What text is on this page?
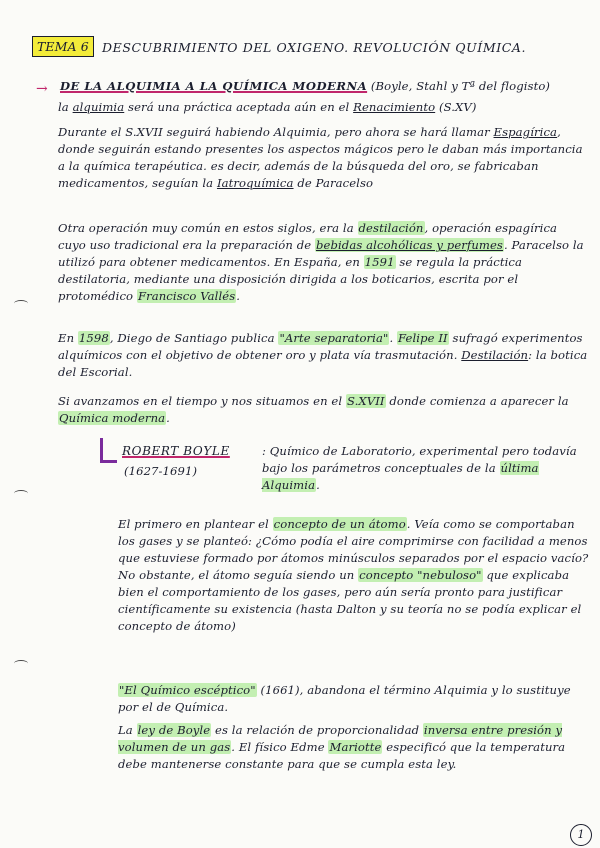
TEMA 6	DESCUBRIMIENTO DEL OXIGENO. REVOLUCIÓN QUÍMICA.
→ DE LA ALQUIMIA A LA QUÍMICA MODERNA (Boyle, Stahl y Tª del flogisto)
la alquimia será una práctica aceptada aún en el Renacimiento (S.XV)
Durante el S.XVII seguirá habiendo Alquimia, pero ahora se hará llamar Espagírica, donde seguirán estando presentes los aspectos mágicos pero le daban más importancia a la química terapéutica. es decir, además de la búsqueda del oro, se fabricaban medicamentos, seguían la Iatroquímica de Paracelso
Otra operación muy común en estos siglos, era la destilación, operación espagírica cuyo uso tradicional era la preparación de bebidas alcohólicas y perfumes. Paracelso la utilizó para obtener medicamentos. En España, en 1591 se regula la práctica destilatoria, mediante una disposición dirigida a los boticarios, escrita por el protomédico Francisco Vallés.
En 1598, Diego de Santiago publica "Arte separatoria". Felipe II sufragó experimentos alquímicos con el objetivo de obtener oro y plata vía trasmutación. Destilación: la botica del Escorial.
Si avanzamos en el tiempo y nos situamos en el S.XVII donde comienza a aparecer la Química moderna.
ROBERT BOYLE
(1627-1691)
: Químico de Laboratorio, experimental pero todavía bajo los parámetros conceptuales de la última Alquimia.
El primero en plantear el concepto de un átomo. Veía como se comportaban los gases y se planteó: ¿Cómo podía el aire comprimirse con facilidad a menos que estuviese formado por átomos minúsculos separados por el espacio vacío? No obstante, el átomo seguía siendo un concepto "nebuloso" que explicaba bien el comportamiento de los gases, pero aún sería pronto para justificar científicamente su existencia (hasta Dalton y su teoría no se podía explicar el concepto de átomo)
"El Químico escéptico" (1661), abandona el término Alquimia y lo sustituye por el de Química.
La ley de Boyle es la relación de proporcionalidad inversa entre presión y volumen de un gas. El físico Edme Mariotte especificó que la temperatura debe mantenerse constante para que se cumpla esta ley.
1
